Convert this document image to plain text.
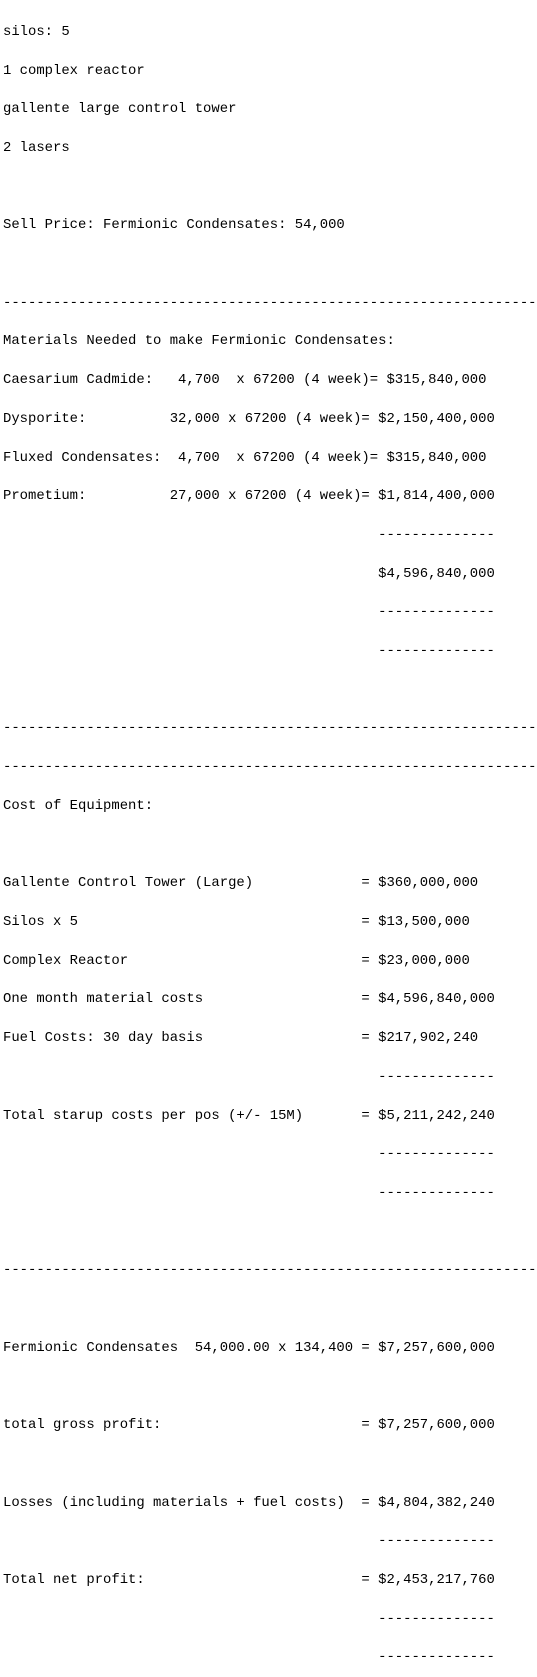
silos: 5

1 complex reactor

gallente large control tower

2 lasers

Sell Price: Fermionic Condensates: 54,000

----------------------------------------------------------------

Materials Needed to make Fermionic Condensates:

Caesarium Cadmide:   4,700  x 67200 (4 week)= $315,840,000

Dysporite:          32,000 x 67200 (4 week)= $2,150,400,000

Fluxed Condensates:  4,700  x 67200 (4 week)= $315,840,000

Prometium:          27,000 x 67200 (4 week)= $1,814,400,000

--------------

$4,596,840,000

--------------

--------------

----------------------------------------------------------------

----------------------------------------------------------------

Cost of Equipment:

Gallente Control Tower (Large)             = $360,000,000

Silos x 5                                  = $13,500,000

Complex Reactor                            = $23,000,000

One month material costs                   = $4,596,840,000

Fuel Costs: 30 day basis                   = $217,902,240

--------------

Total starup costs per pos (+/- 15M)       = $5,211,242,240

--------------

--------------

----------------------------------------------------------------

Fermionic Condensates  54,000.00 x 134,400 = $7,257,600,000

total gross profit:                        = $7,257,600,000

Losses (including materials + fuel costs)  = $4,804,382,240

--------------

Total net profit:                          = $2,453,217,760

--------------

--------------
